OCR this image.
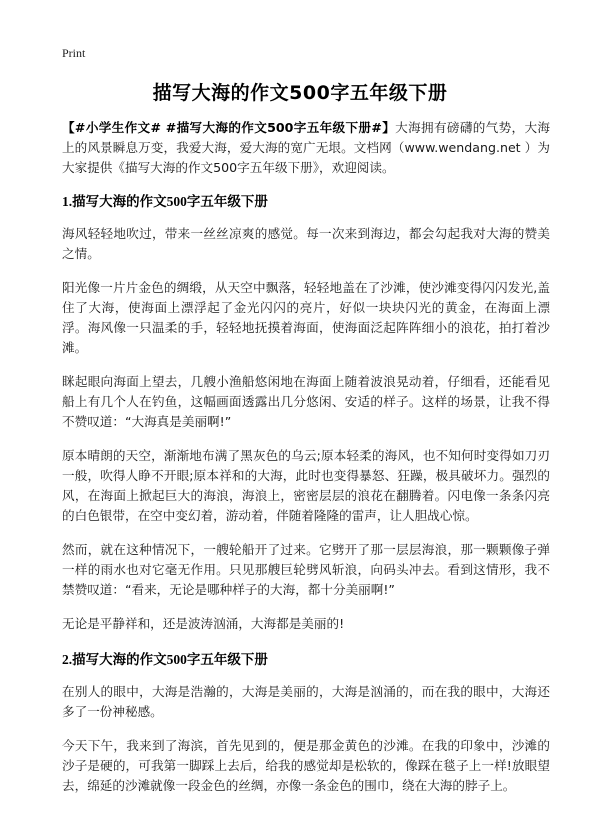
Print
描写大海的作文500字五年级下册

【#小学生作文# #描写大海的作文500字五年级下册#】大海拥有磅礴的气势，大海上的风景瞬息万变，我爱大海，爱大海的宽广无垠。文档网（www.wendang.net ）为大家提供《描写大海的作文500字五年级下册》，欢迎阅读。

1.描写大海的作文500字五年级下册

海风轻轻地吹过，带来一丝丝凉爽的感觉。每一次来到海边，都会勾起我对大海的赞美之情。

阳光像一片片金色的绸缎，从天空中飘落，轻轻地盖在了沙滩，使沙滩变得闪闪发光,盖住了大海，使海面上漂浮起了金光闪闪的亮片，好似一块块闪光的黄金，在海面上漂浮。海风像一只温柔的手，轻轻地抚摸着海面，使海面泛起阵阵细小的浪花，拍打着沙滩。

眯起眼向海面上望去，几艘小渔船悠闲地在海面上随着波浪晃动着，仔细看，还能看见船上有几个人在钓鱼，这幅画面透露出几分悠闲、安适的样子。这样的场景，让我不得不赞叹道：“大海真是美丽啊!”

原本晴朗的天空，渐渐地布满了黑灰色的乌云;原本轻柔的海风，也不知何时变得如刀刃一般，吹得人睁不开眼;原本祥和的大海，此时也变得暴怒、狂躁，极具破坏力。强烈的风，在海面上掀起巨大的海浪，海浪上，密密层层的浪花在翻腾着。闪电像一条条闪亮的白色银带，在空中变幻着，游动着，伴随着隆隆的雷声，让人胆战心惊。

然而，就在这种情况下，一艘轮船开了过来。它劈开了那一层层海浪，那一颗颗像子弹一样的雨水也对它毫无作用。只见那艘巨轮劈风斩浪，向码头冲去。看到这情形，我不禁赞叹道：“看来，无论是哪种样子的大海，都十分美丽啊!”

无论是平静祥和，还是波涛汹涌，大海都是美丽的!

2.描写大海的作文500字五年级下册

在别人的眼中，大海是浩瀚的，大海是美丽的，大海是汹涌的，而在我的眼中，大海还多了一份神秘感。

今天下午，我来到了海滨，首先见到的，便是那金黄色的沙滩。在我的印象中，沙滩的沙子是硬的，可我第一脚踩上去后，给我的感觉却是松软的，像踩在毯子上一样!放眼望去，绵延的沙滩就像一段金色的丝绸，亦像一条金色的围巾，绕在大海的脖子上。
